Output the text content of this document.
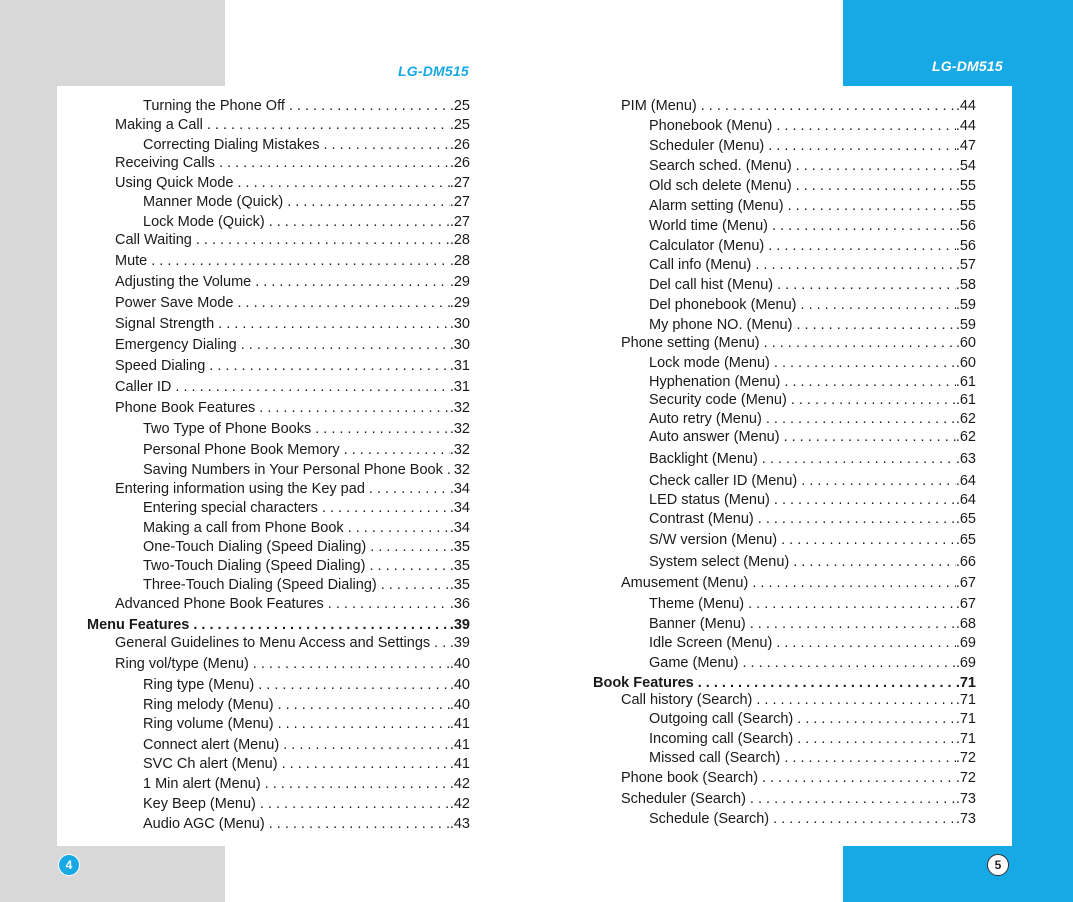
LG-DM515	LG-DM515
Turning the Phone Off . . .	.25
Making a Call . . .	.25
Correcting Dialing Mistakes . . .	.26
Receiving Calls . . .	.26
Using Quick Mode . . .	.27
Manner Mode (Quick) . . .	.27
Lock Mode (Quick) . . .	.27
Call Waiting . . .	.28
Mute . . .	.28
Adjusting the Volume . . .	.29
Power Save Mode . . .	.29
Signal Strength . . .	.30
Emergency Dialing . . .	.30
Speed Dialing . . .	.31
Caller ID . . .	.31
Phone Book Features . . .	.32
Two Type of Phone Books . . .	.32
Personal Phone Book Memory . . .	.32
Saving Numbers in Your Personal Phone Book . . . 32
Entering information using the Key pad . . .	.34
Entering special characters . . .	.34
Making a call from Phone Book . . .	.34
One-Touch Dialing (Speed Dialing) . . .	.35
Two-Touch Dialing (Speed Dialing) . . .	.35
Three-Touch Dialing (Speed Dialing) . . .	.35
Advanced Phone Book Features . . .	.36
Menu Features . . .	.39
General Guidelines to Menu Access and Settings . . . .39
Ring vol/type (Menu) . . .	.40
Ring type (Menu) . . .	.40
Ring melody (Menu) . . .	.40
Ring volume (Menu) . . .	.41
Connect alert (Menu) . . .	.41
SVC Ch alert (Menu) . . .	.41
1 Min alert (Menu) . . .	.42
Key Beep (Menu) . . .	.42
Audio AGC (Menu) . . .	.43
PIM (Menu) . . .	.44
Phonebook (Menu) . . .	.44
Scheduler (Menu) . . .	.47
Search sched. (Menu) . . .	.54
Old sch delete (Menu) . . .	.55
Alarm setting (Menu) . . .	.55
World time (Menu) . . .	.56
Calculator (Menu) . . .	.56
Call info (Menu) . . .	.57
Del call hist (Menu) . . .	.58
Del phonebook (Menu) . . .	.59
My phone NO. (Menu) . . .	.59
Phone setting (Menu) . . .	.60
Lock mode (Menu) . . .	.60
Hyphenation (Menu) . . .	.61
Security code (Menu) . . .	.61
Auto retry (Menu) . . .	.62
Auto answer (Menu) . . .	.62
Backlight (Menu) . . .	.63
Check caller ID (Menu) . . .	.64
LED status (Menu) . . .	.64
Contrast (Menu) . . .	.65
S/W version (Menu) . . .	.65
System select (Menu) . . .	.66
Amusement (Menu) . . .	.67
Theme (Menu) . . .	.67
Banner (Menu) . . .	.68
Idle Screen (Menu) . . .	.69
Game (Menu) . . .	.69
Book Features . . .	.71
Call history (Search) . . .	.71
Outgoing call (Search) . . .	.71
Incoming call (Search) . . .	.71
Missed call (Search) . . .	.72
Phone book (Search) . . .	.72
Scheduler (Search) . . .	.73
Schedule (Search) . . .	.73
4	5
